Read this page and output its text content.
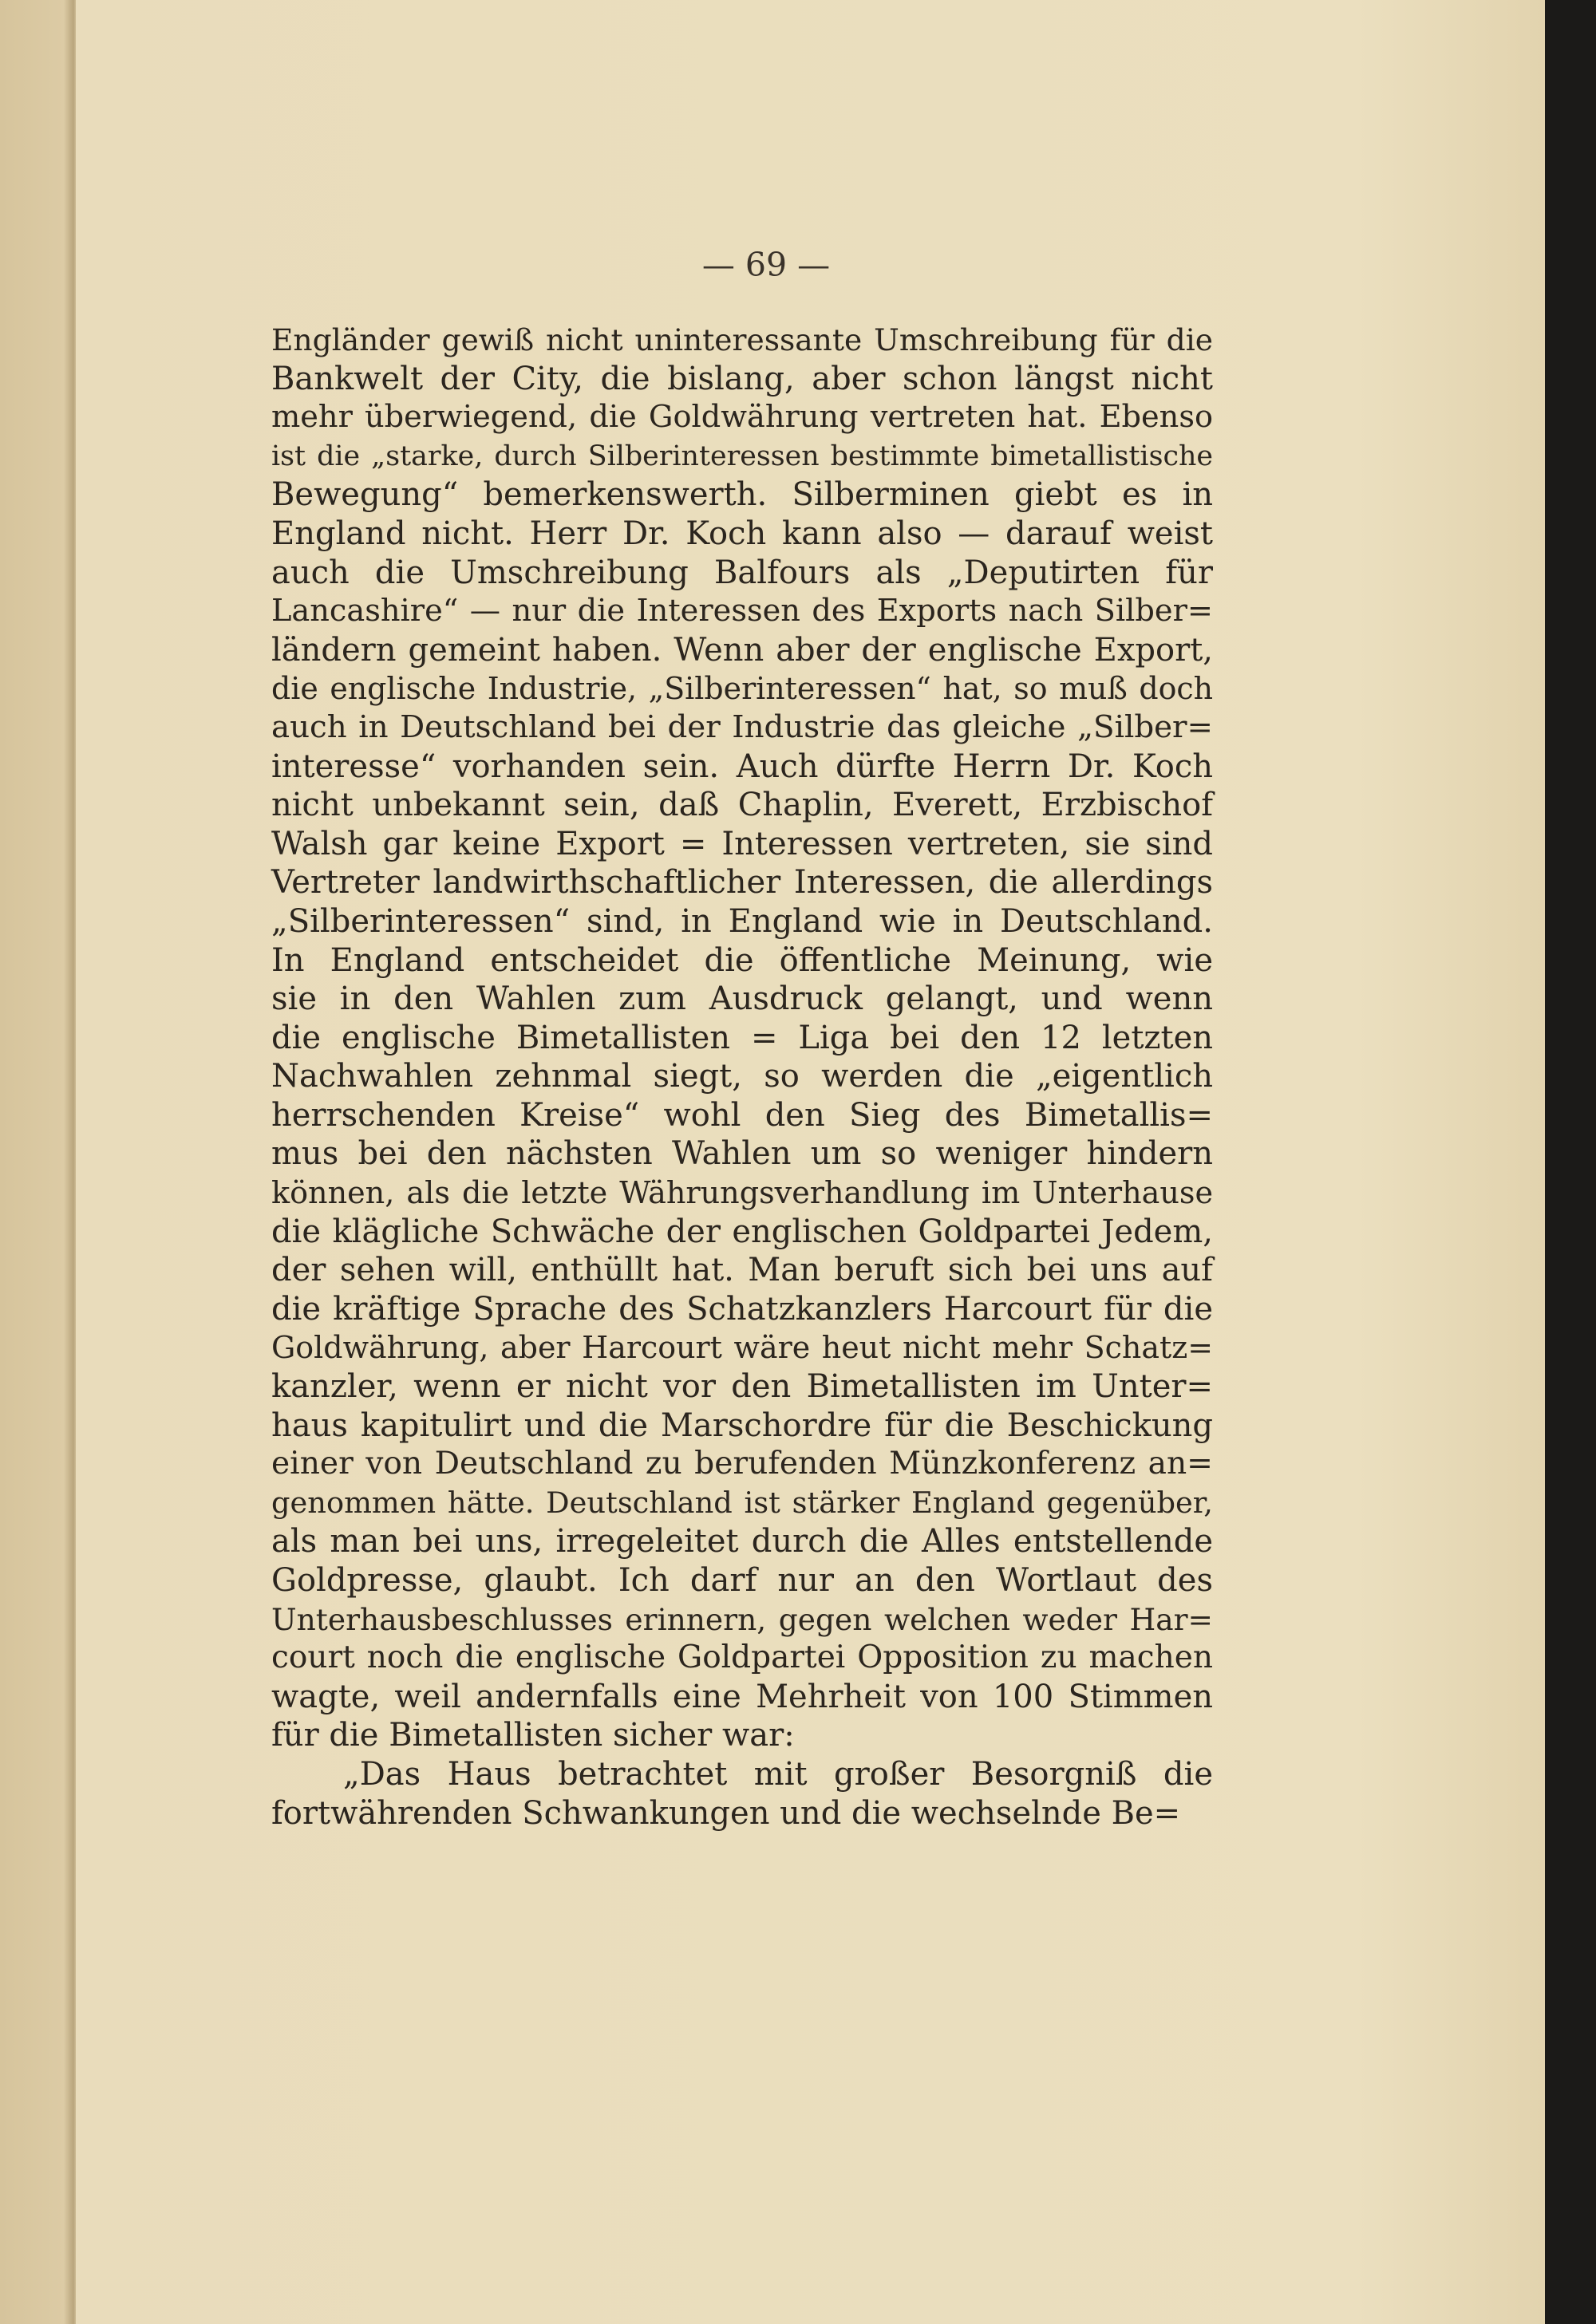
— 69 —
Engländer gewiß nicht uninteressante Umschreibung für die
Bankwelt der City, die bislang, aber schon längst nicht
mehr überwiegend, die Goldwährung vertreten hat. Ebenso
ist die „starke, durch Silberinteressen bestimmte bimetallistische
Bewegung“ bemerkenswerth. Silberminen giebt es in
England nicht. Herr Dr. Koch kann also — darauf weist
auch die Umschreibung Balfours als „Deputirten für
Lancashire“ — nur die Interessen des Exports nach Silber=
ländern gemeint haben. Wenn aber der englische Export,
die englische Industrie, „Silberinteressen“ hat, so muß doch
auch in Deutschland bei der Industrie das gleiche „Silber=
interesse“ vorhanden sein. Auch dürfte Herrn Dr. Koch
nicht unbekannt sein, daß Chaplin, Everett, Erzbischof
Walsh gar keine Export = Interessen vertreten, sie sind
Vertreter landwirthschaftlicher Interessen, die allerdings
„Silberinteressen“ sind, in England wie in Deutschland.
In England entscheidet die öffentliche Meinung, wie
sie in den Wahlen zum Ausdruck gelangt, und wenn
die englische Bimetallisten = Liga bei den 12 letzten
Nachwahlen zehnmal siegt, so werden die „eigentlich
herrschenden Kreise“ wohl den Sieg des Bimetallis=
mus bei den nächsten Wahlen um so weniger hindern
können, als die letzte Währungsverhandlung im Unterhause
die klägliche Schwäche der englischen Goldpartei Jedem,
der sehen will, enthüllt hat. Man beruft sich bei uns auf
die kräftige Sprache des Schatzkanzlers Harcourt für die
Goldwährung, aber Harcourt wäre heut nicht mehr Schatz=
kanzler, wenn er nicht vor den Bimetallisten im Unter=
haus kapitulirt und die Marschordre für die Beschickung
einer von Deutschland zu berufenden Münzkonferenz an=
genommen hätte. Deutschland ist stärker England gegenüber,
als man bei uns, irregeleitet durch die Alles entstellende
Goldpresse, glaubt. Ich darf nur an den Wortlaut des
Unterhausbeschlusses erinnern, gegen welchen weder Har=
court noch die englische Goldpartei Opposition zu machen
wagte, weil andernfalls eine Mehrheit von 100 Stimmen
für die Bimetallisten sicher war:
„Das Haus betrachtet mit großer Besorgniß die
fortwährenden Schwankungen und die wechselnde Be=
